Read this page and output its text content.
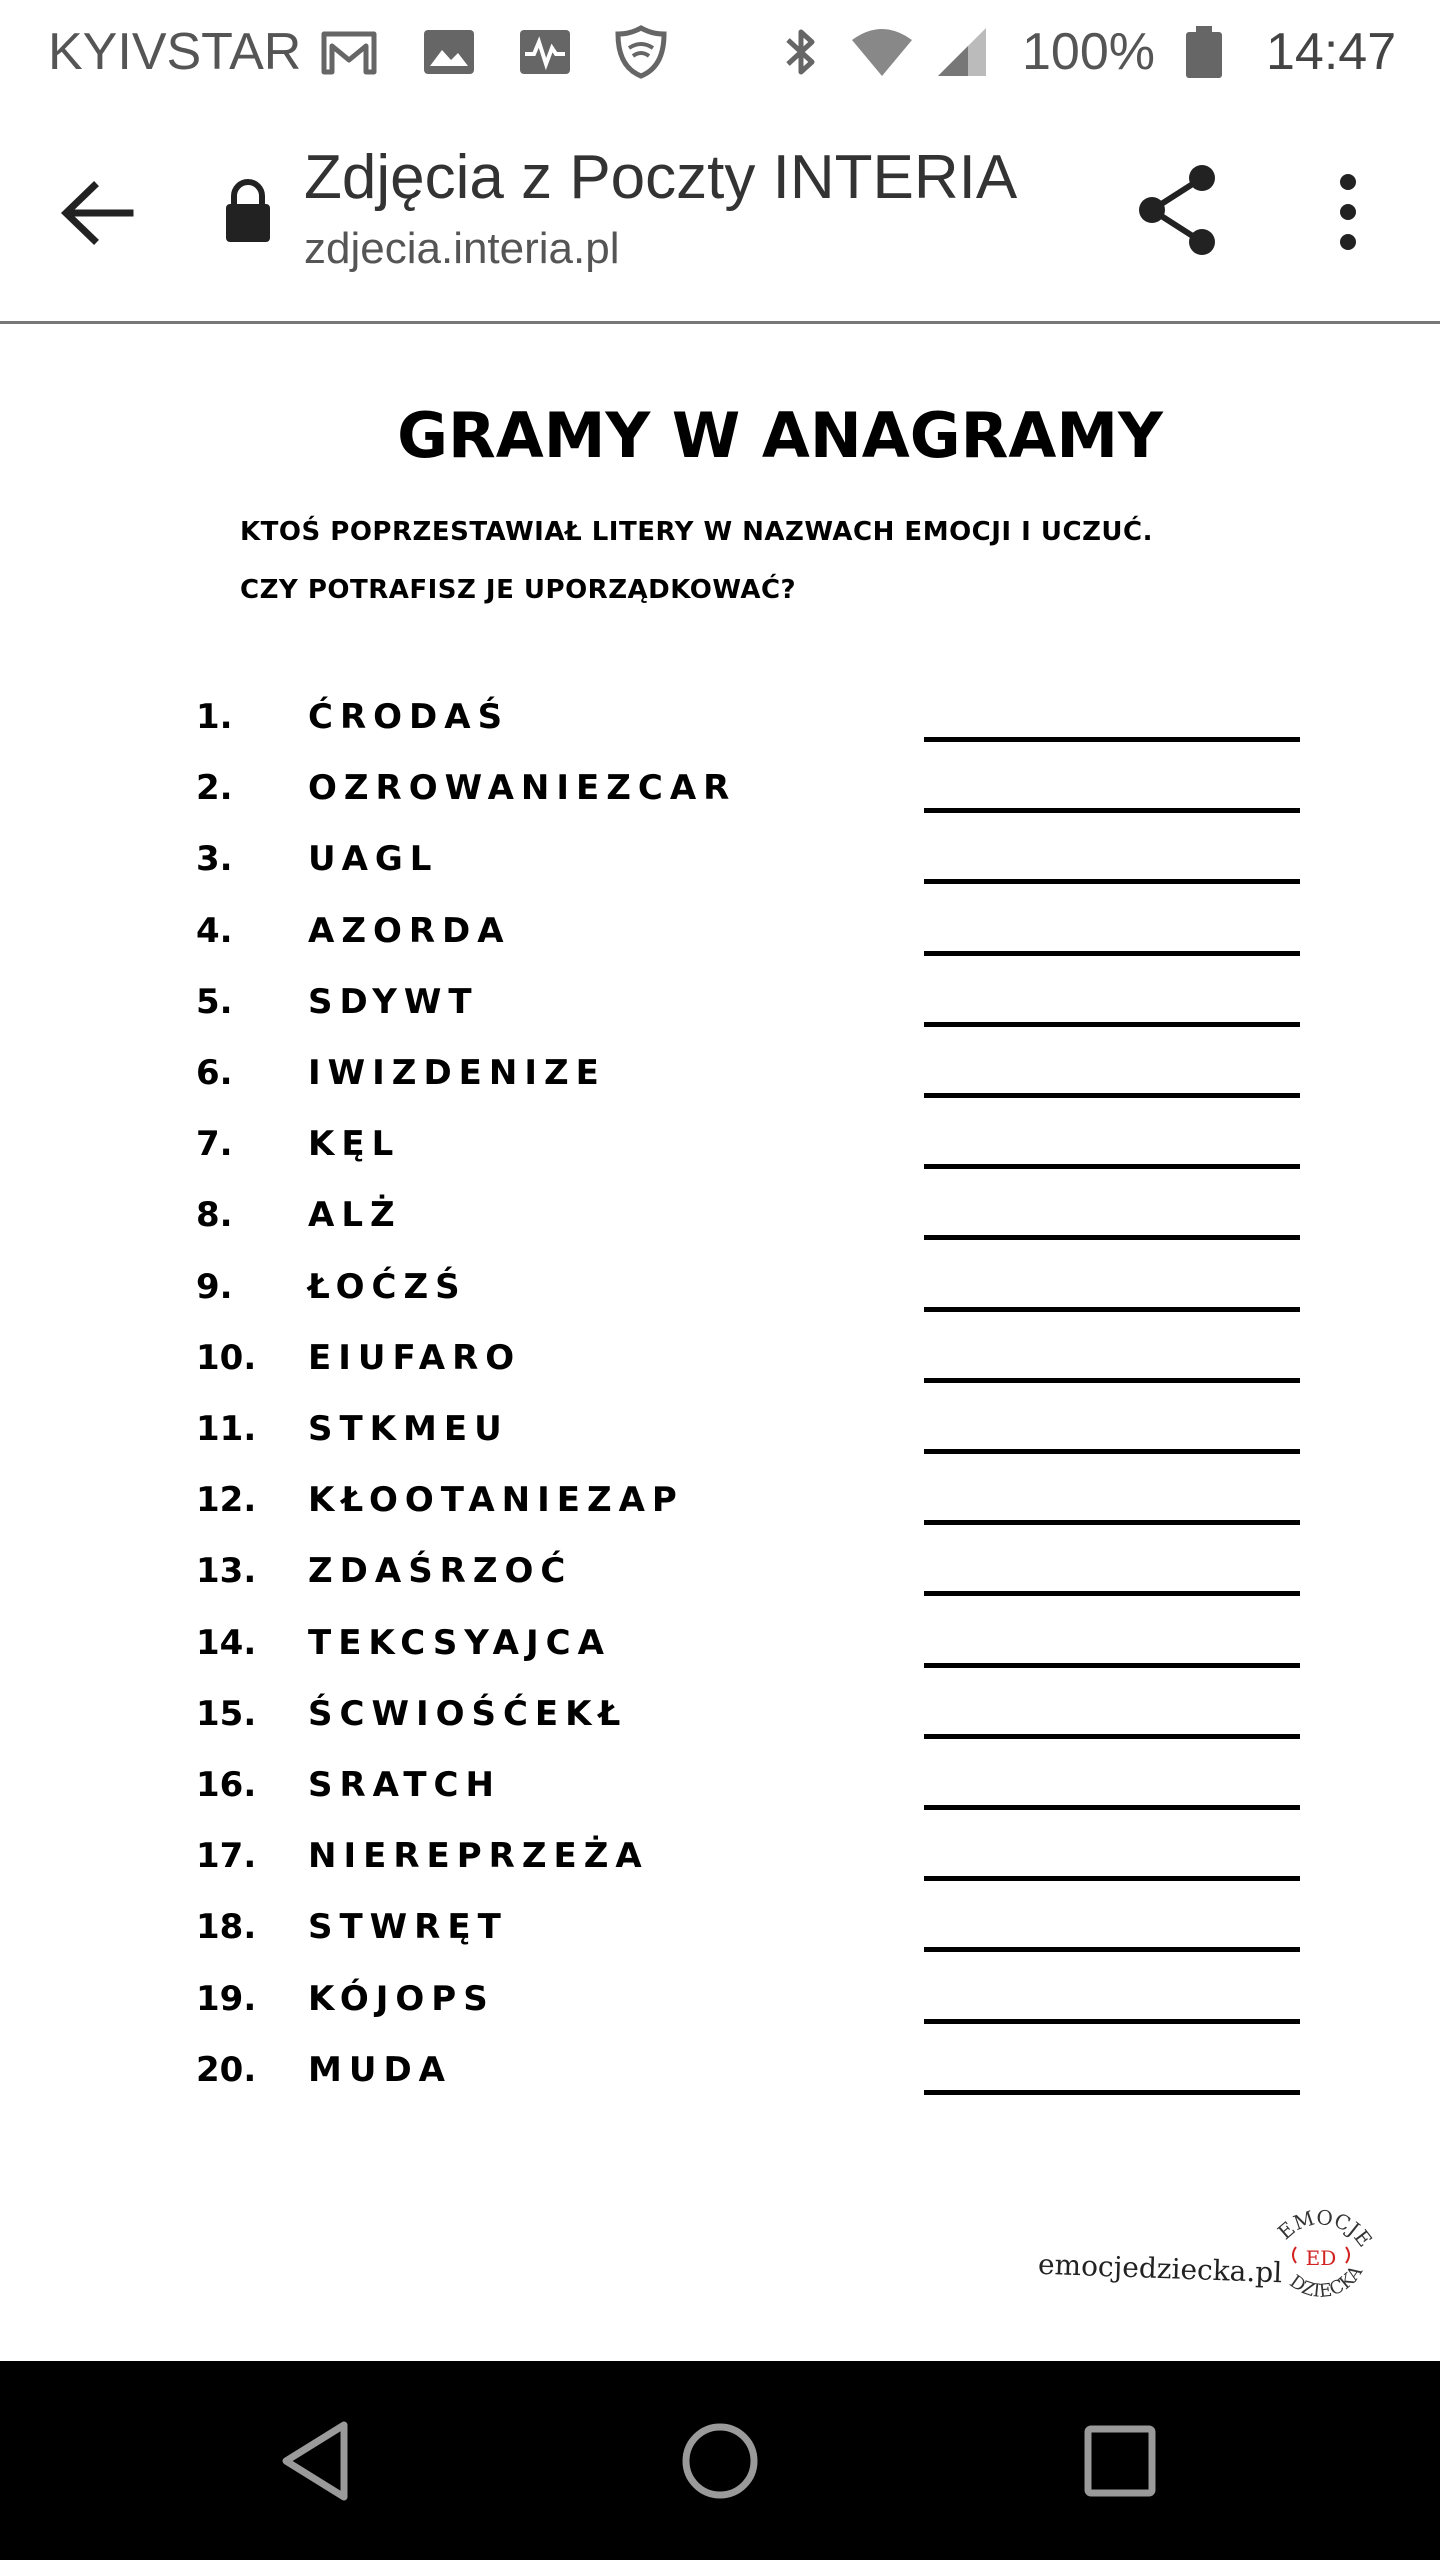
KYIVSTAR	100% 14:47
Zdjęcia z Poczty INTERIA
zdjecia.interia.pl
GRAMY W ANAGRAMY
KTOŚ POPRZESTAWIAŁ LITERY W NAZWACH EMOCJI I UCZUĆ.
CZY POTRAFISZ JE UPORZĄDKOWAĆ?
1. ĆRODAŚ
2. OZROWANIEZCAR
3. UAGL
4. AZORDA
5. SDYWT
6. IWIZDENIZE
7. KĘL
8. ALŻ
9. ŁOĆZŚ
10. EIUFARO
11. STKMEU
12. KŁOOTANIEZAP
13. ZDAŚRZOĆ
14. TEKCSYAJCA
15. ŚCWIOŚĆEKŁ
16. SRATCH
17. NIEREPRZEŻA
18. STWRĘT
19. KÓJOPS
20. MUDA
emocjedziecka.pl
EMOCJE
DZIECKA
ED
